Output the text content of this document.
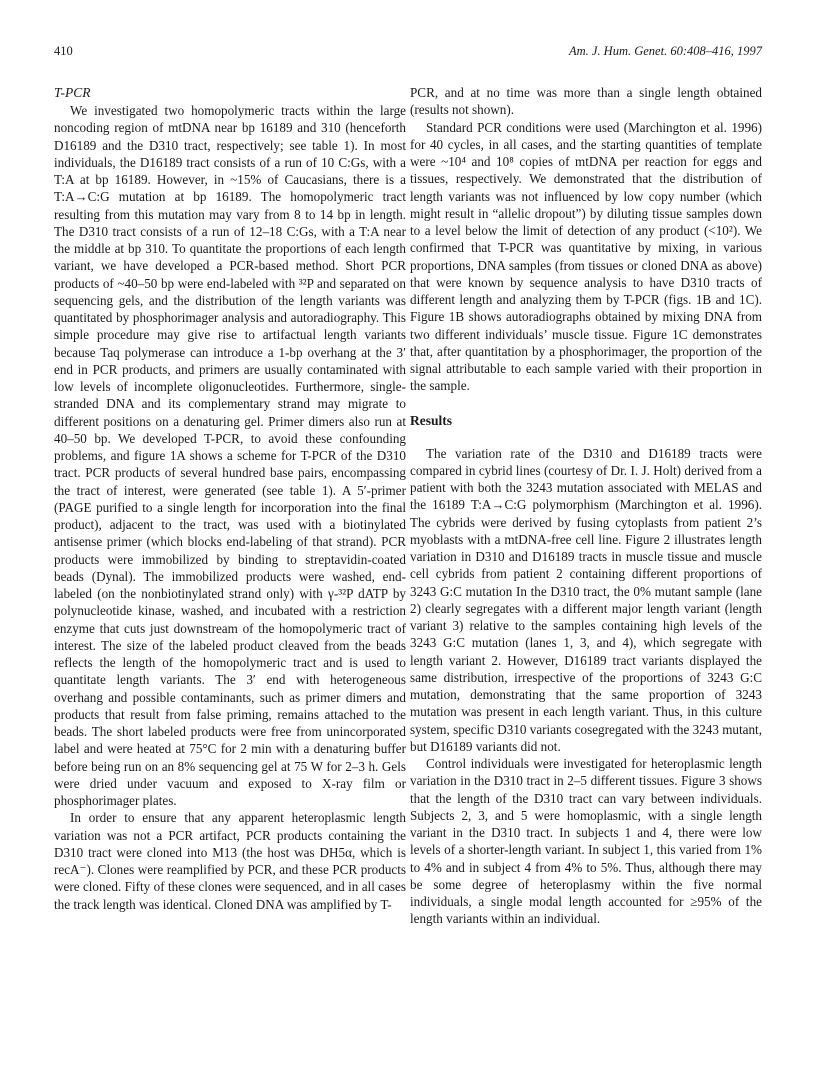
410	Am. J. Hum. Genet. 60:408–416, 1997
T-PCR

We investigated two homopolymeric tracts within the large noncoding region of mtDNA near bp 16189 and 310 (henceforth D16189 and the D310 tract, respectively; see table 1). In most individuals, the D16189 tract consists of a run of 10 C:Gs, with a T:A at bp 16189. However, in ~15% of Caucasians, there is a T:A→C:G mutation at bp 16189. The homopolymeric tract resulting from this mutation may vary from 8 to 14 bp in length. The D310 tract consists of a run of 12–18 C:Gs, with a T:A near the middle at bp 310. To quantitate the proportions of each length variant, we have developed a PCR-based method. Short PCR products of ~40–50 bp were end-labeled with ³²P and separated on sequencing gels, and the distribution of the length variants was quantitated by phosphorimager analysis and autoradiography. This simple procedure may give rise to artifactual length variants because Taq polymerase can introduce a 1-bp overhang at the 3′ end in PCR products, and primers are usually contaminated with low levels of incomplete oligonucleotides. Furthermore, single-stranded DNA and its complementary strand may migrate to different positions on a denaturing gel. Primer dimers also run at 40–50 bp. We developed T-PCR, to avoid these confounding problems, and figure 1A shows a scheme for T-PCR of the D310 tract. PCR products of several hundred base pairs, encompassing the tract of interest, were generated (see table 1). A 5′-primer (PAGE purified to a single length for incorporation into the final product), adjacent to the tract, was used with a biotinylated antisense primer (which blocks end-labeling of that strand). PCR products were immobilized by binding to streptavidin-coated beads (Dynal). The immobilized products were washed, end-labeled (on the nonbiotinylated strand only) with γ-³²P dATP by polynucleotide kinase, washed, and incubated with a restriction enzyme that cuts just downstream of the homopolymeric tract of interest. The size of the labeled product cleaved from the beads reflects the length of the homopolymeric tract and is used to quantitate length variants. The 3′ end with heterogeneous overhang and possible contaminants, such as primer dimers and products that result from false priming, remains attached to the beads. The short labeled products were free from unincorporated label and were heated at 75°C for 2 min with a denaturing buffer before being run on an 8% sequencing gel at 75 W for 2–3 h. Gels were dried under vacuum and exposed to X-ray film or phosphorimager plates.

In order to ensure that any apparent heteroplasmic length variation was not a PCR artifact, PCR products containing the D310 tract were cloned into M13 (the host was DH5α, which is recA⁻). Clones were reamplified by PCR, and these PCR products were cloned. Fifty of these clones were sequenced, and in all cases the track length was identical. Cloned DNA was amplified by T-

PCR, and at no time was more than a single length obtained (results not shown).

Standard PCR conditions were used (Marchington et al. 1996) for 40 cycles, in all cases, and the starting quantities of template were ~10⁴ and 10⁸ copies of mtDNA per reaction for eggs and tissues, respectively. We demonstrated that the distribution of length variants was not influenced by low copy number (which might result in “allelic dropout”) by diluting tissue samples down to a level below the limit of detection of any product (<10²). We confirmed that T-PCR was quantitative by mixing, in various proportions, DNA samples (from tissues or cloned DNA as above) that were known by sequence analysis to have D310 tracts of different length and analyzing them by T-PCR (figs. 1B and 1C). Figure 1B shows autoradiographs obtained by mixing DNA from two different individuals’ muscle tissue. Figure 1C demonstrates that, after quantitation by a phosphorimager, the proportion of the signal attributable to each sample varied with their proportion in the sample.

Results

The variation rate of the D310 and D16189 tracts were compared in cybrid lines (courtesy of Dr. I. J. Holt) derived from a patient with both the 3243 mutation associated with MELAS and the 16189 T:A→C:G polymorphism (Marchington et al. 1996). The cybrids were derived by fusing cytoplasts from patient 2’s myoblasts with a mtDNA-free cell line. Figure 2 illustrates length variation in D310 and D16189 tracts in muscle tissue and muscle cell cybrids from patient 2 containing different proportions of 3243 G:C mutation In the D310 tract, the 0% mutant sample (lane 2) clearly segregates with a different major length variant (length variant 3) relative to the samples containing high levels of the 3243 G:C mutation (lanes 1, 3, and 4), which segregate with length variant 2. However, D16189 tract variants displayed the same distribution, irrespective of the proportions of 3243 G:C mutation, demonstrating that the same proportion of 3243 mutation was present in each length variant. Thus, in this culture system, specific D310 variants cosegregated with the 3243 mutant, but D16189 variants did not.

Control individuals were investigated for heteroplasmic length variation in the D310 tract in 2–5 different tissues. Figure 3 shows that the length of the D310 tract can vary between individuals. Subjects 2, 3, and 5 were homoplasmic, with a single length variant in the D310 tract. In subjects 1 and 4, there were low levels of a shorter-length variant. In subject 1, this varied from 1% to 4% and in subject 4 from 4% to 5%. Thus, although there may be some degree of heteroplasmy within the five normal individuals, a single modal length accounted for ≥95% of the length variants within an individual.
